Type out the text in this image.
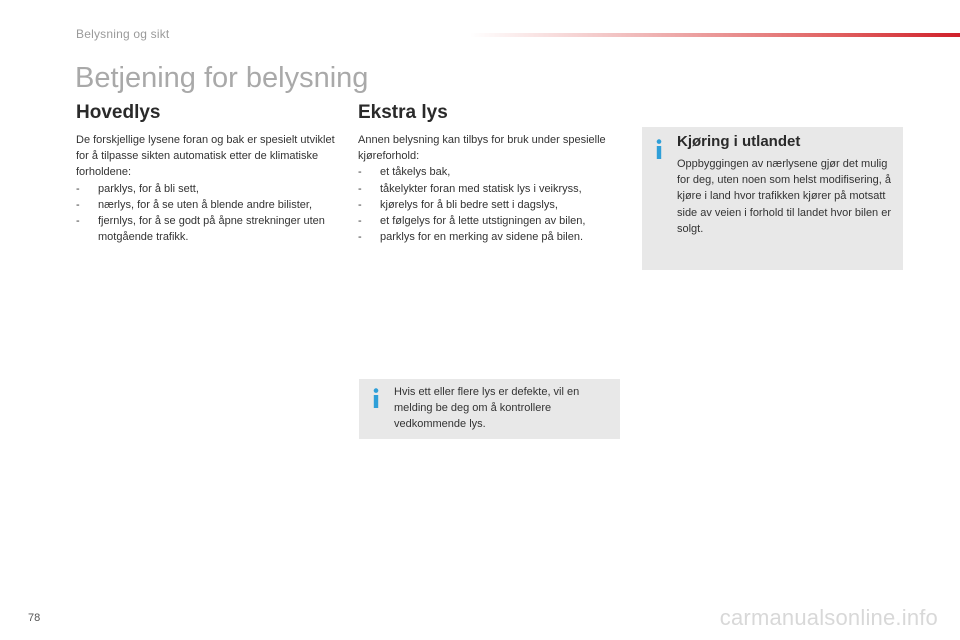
Belysning og sikt
Betjening for belysning
Hovedlys

De forskjellige lysene foran og bak er spesielt utviklet for å tilpasse sikten automatisk etter de klimatiske forholdene:

- parklys, for å bli sett,
- nærlys, for å se uten å blende andre bilister,
- fjernlys, for å se godt på åpne strekninger uten motgående trafikk.
Ekstra lys

Annen belysning kan tilbys for bruk under spesielle kjøreforhold:

- et tåkelys bak,
- tåkelykter foran med statisk lys i veikryss,
- kjørelys for å bli bedre sett i dagslys,
- et følgelys for å lette utstigningen av bilen,
- parklys for en merking av sidene på bilen.
Kjøring i utlandet
Oppbyggingen av nærlysene gjør det mulig for deg, uten noen som helst modifisering, å kjøre i land hvor trafikken kjører på motsatt side av veien i forhold til landet hvor bilen er solgt.
Hvis ett eller flere lys er defekte, vil en melding be deg om å kontrollere vedkommende lys.
78	carmanualsonline.info
